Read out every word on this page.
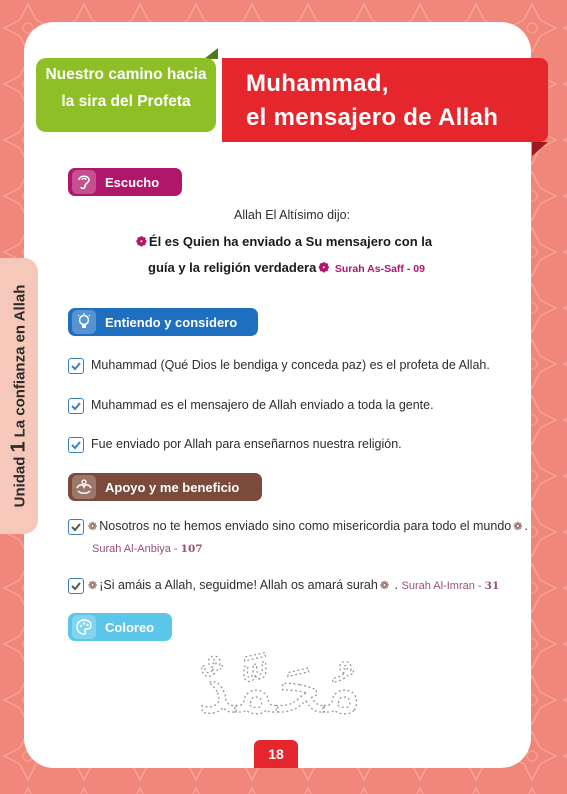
Muhammad,
el mensajero de Allah
Nuestro camino hacia
la sira del Profeta
Unidad1La confianza en Allah
Escucho
Allah El Altísimo dijo:
❁ Él es Quien ha enviado a Su mensajero con la
guía y la religión verdadera ❁ Surah As-Saff - 09
Entiendo y considero
Muhammad (Qué Dios le bendiga y conceda paz) es el profeta de Allah.
Muhammad es el mensajero de Allah enviado a toda la gente.
Fue enviado por Allah para enseñarnos nuestra religión.
Apoyo y me beneficio
❁ Nosotros no te hemos enviado sino como misericordia para todo el mundo ❁ .
Surah Al-Anbiya - 107
❁ ¡Si amáis a Allah, seguidme! Allah os amará surah ❁ . Surah Al-Imran - 31
Coloreo
مُحَمَّدٌ
18
